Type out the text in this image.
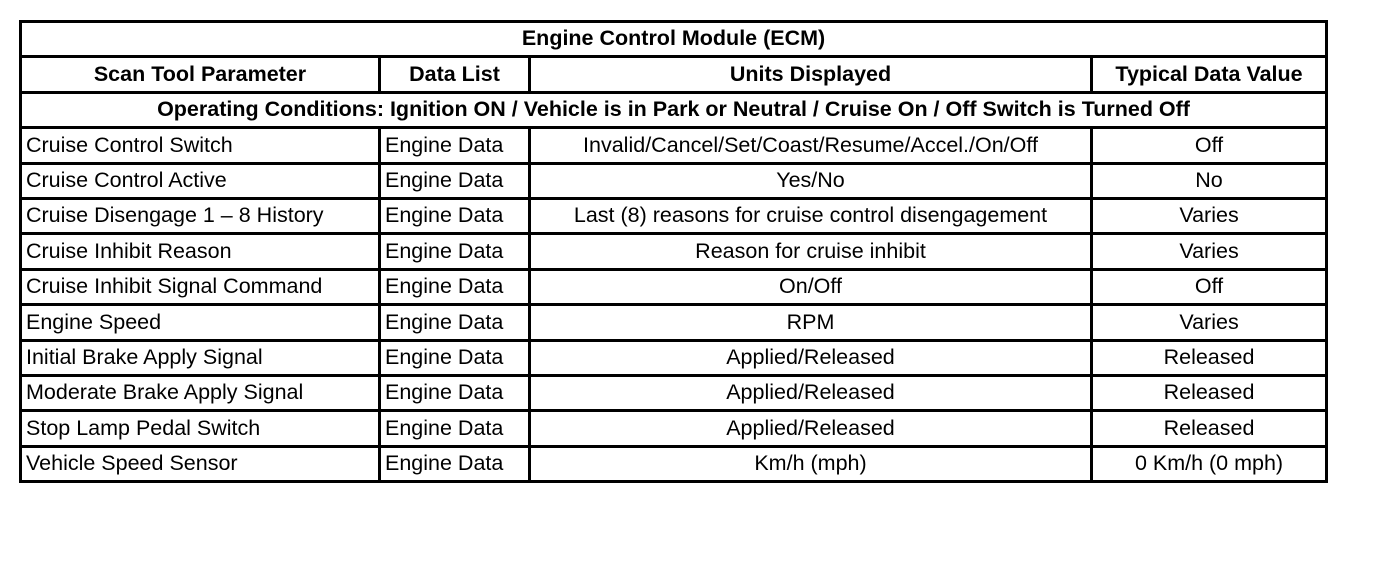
Engine Control Module (ECM)			
Scan Tool Parameter	Data List	Units Displayed	Typical Data Value
Operating Conditions: Ignition ON / Vehicle is in Park or Neutral / Cruise On / Off Switch is Turned Off			
Cruise Control Switch	Engine Data	Invalid/Cancel/Set/Coast/Resume/Accel./On/Off	Off
Cruise Control Active	Engine Data	Yes/No	No
Cruise Disengage 1 – 8 History	Engine Data	Last (8) reasons for cruise control disengagement	Varies
Cruise Inhibit Reason	Engine Data	Reason for cruise inhibit	Varies
Cruise Inhibit Signal Command	Engine Data	On/Off	Off
Engine Speed	Engine Data	RPM	Varies
Initial Brake Apply Signal	Engine Data	Applied/Released	Released
Moderate Brake Apply Signal	Engine Data	Applied/Released	Released
Stop Lamp Pedal Switch	Engine Data	Applied/Released	Released
Vehicle Speed Sensor	Engine Data	Km/h (mph)	0 Km/h (0 mph)
